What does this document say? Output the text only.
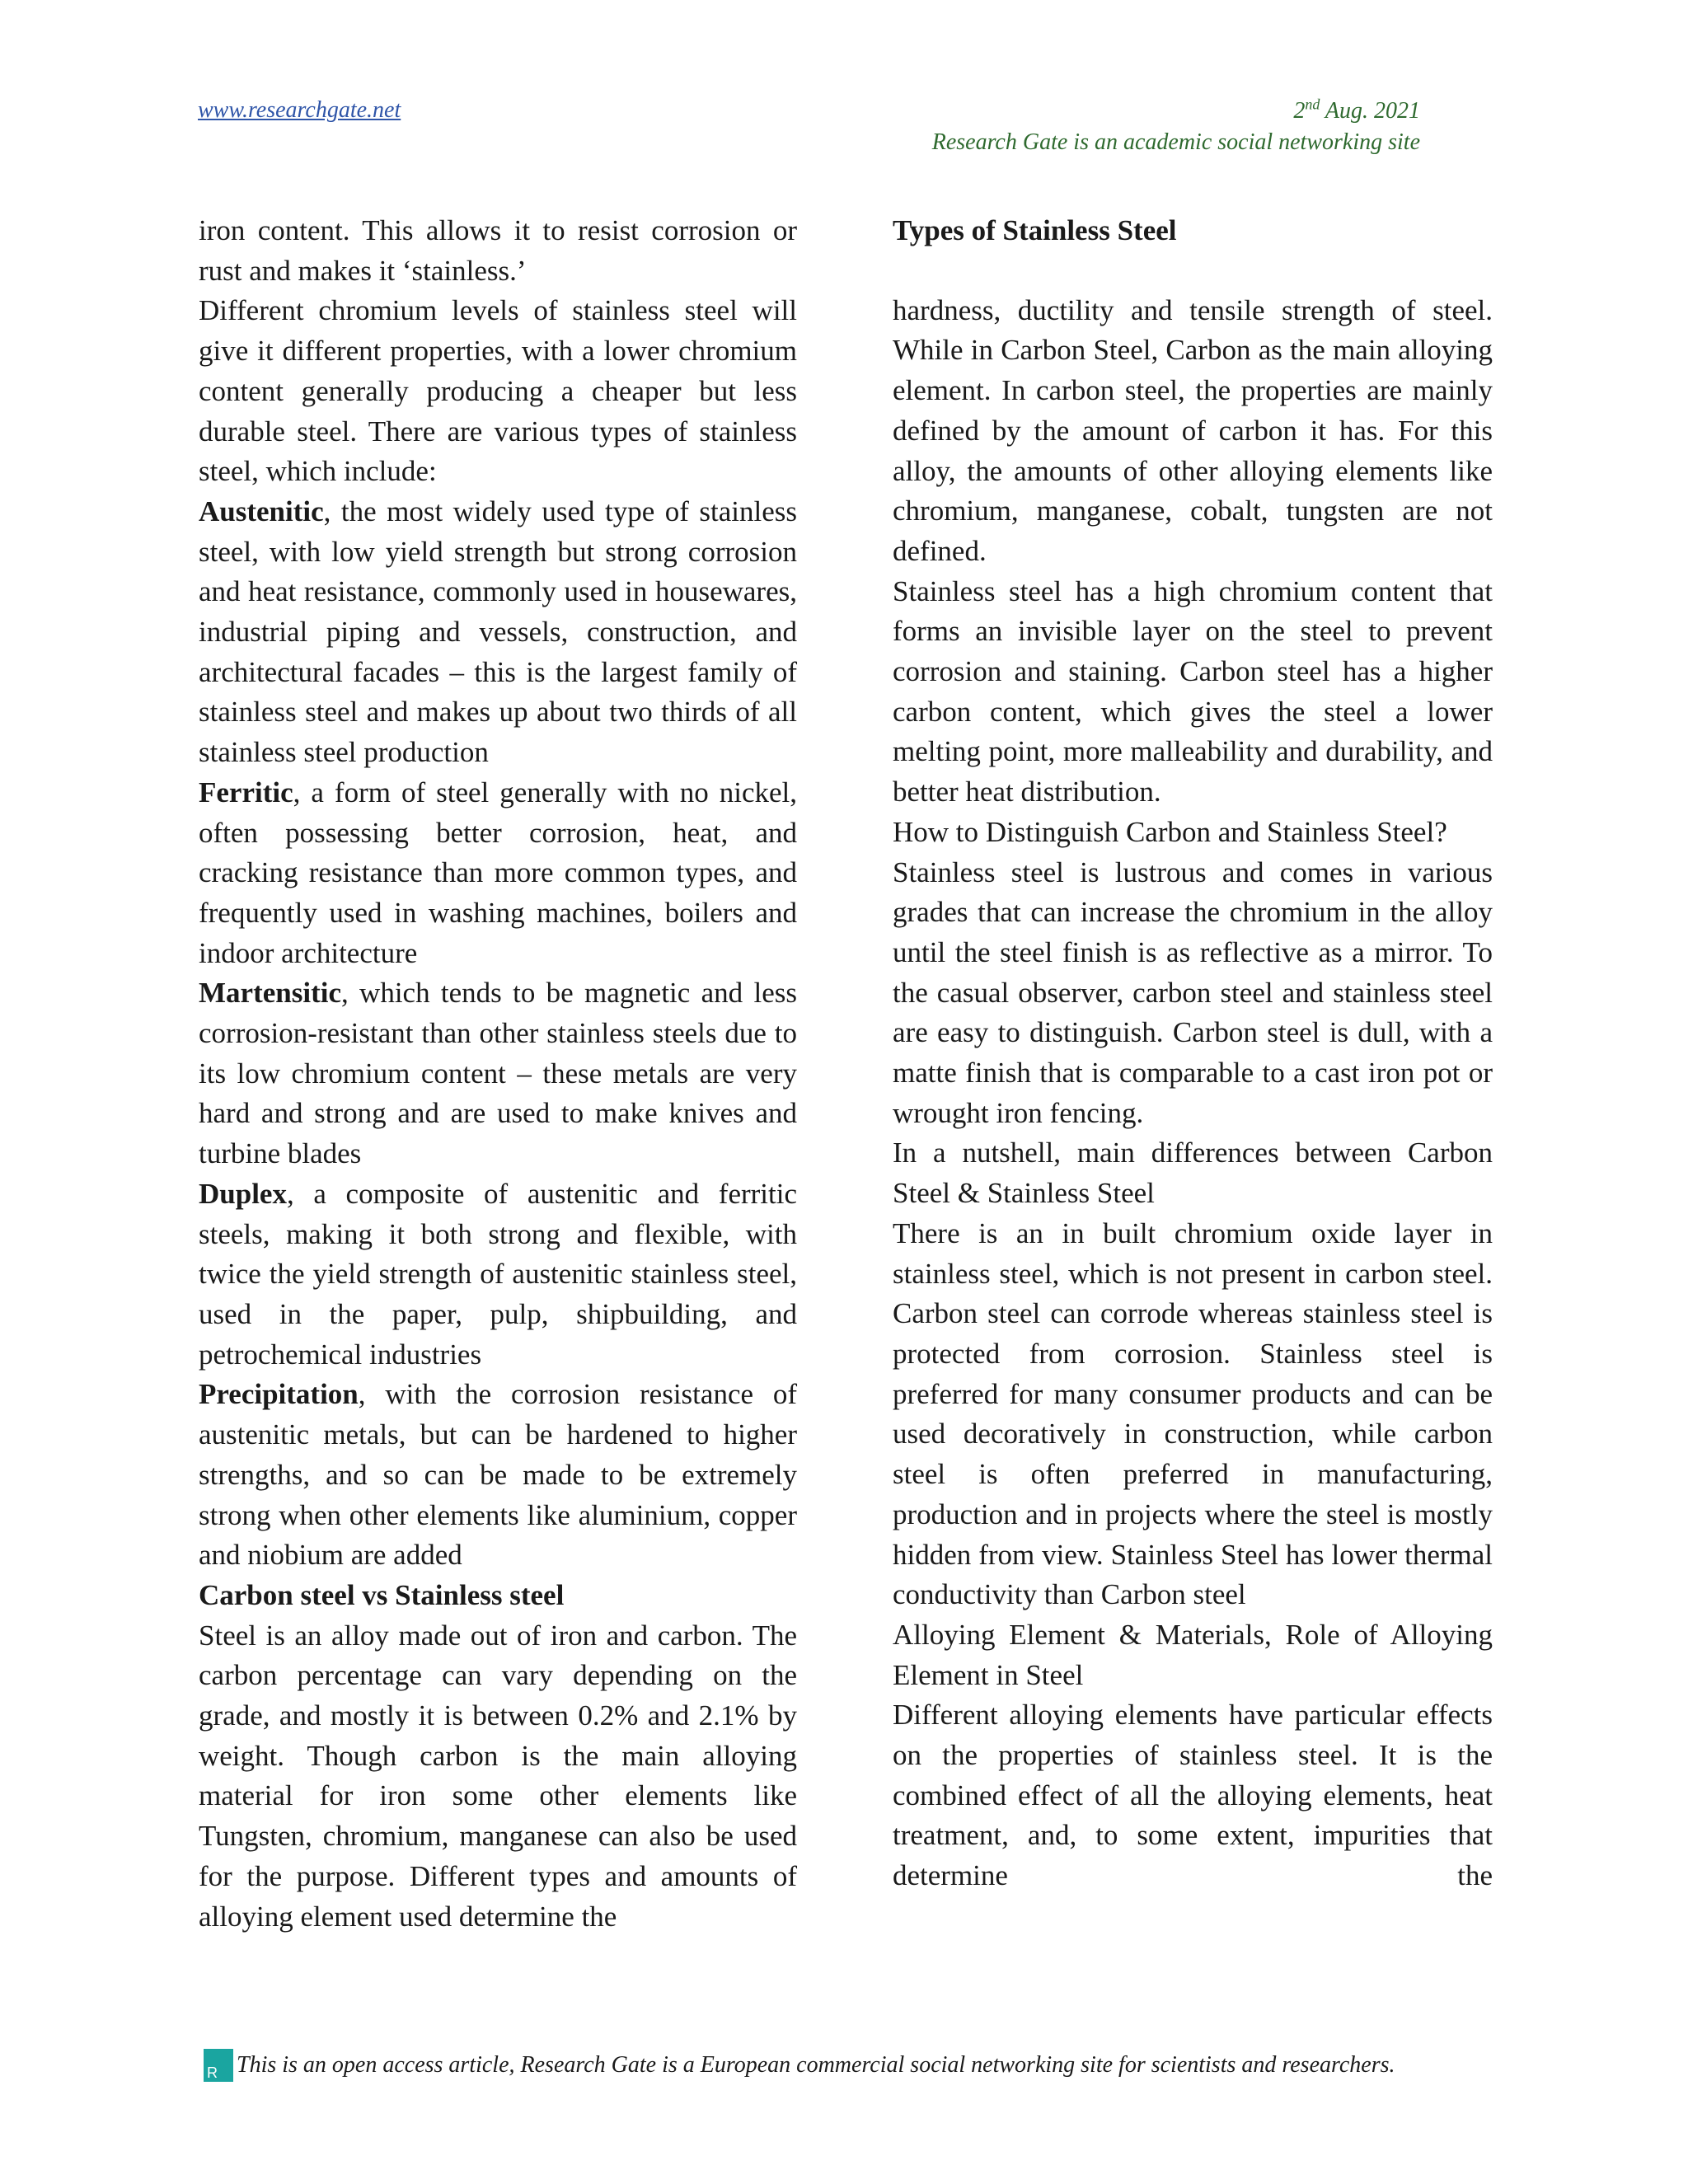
www.researchgate.net	2nd Aug. 2021
Research Gate is an academic social networking site

iron content. This allows it to resist corrosion or rust and makes it ‘stainless.’

Different chromium levels of stainless steel will give it different properties, with a lower chromium content generally producing a cheaper but less durable steel. There are various types of stainless steel, which include:

Austenitic, the most widely used type of stainless steel, with low yield strength but strong corrosion and heat resistance, commonly used in housewares, industrial piping and vessels, construction, and architectural facades – this is the largest family of stainless steel and makes up about two thirds of all stainless steel production

Ferritic, a form of steel generally with no nickel, often possessing better corrosion, heat, and cracking resistance than more common types, and frequently used in washing machines, boilers and indoor architecture

Martensitic, which tends to be magnetic and less corrosion-resistant than other stainless steels due to its low chromium content – these metals are very hard and strong and are used to make knives and turbine blades

Duplex, a composite of austenitic and ferritic steels, making it both strong and flexible, with twice the yield strength of austenitic stainless steel, used in the paper, pulp, shipbuilding, and petrochemical industries

Precipitation, with the corrosion resistance of austenitic metals, but can be hardened to higher strengths, and so can be made to be extremely strong when other elements like aluminium, copper and niobium are added

Carbon steel vs Stainless steel

Steel is an alloy made out of iron and carbon. The carbon percentage can vary depending on the grade, and mostly it is between 0.2% and 2.1% by weight. Though carbon is the main alloying material for iron some other elements like Tungsten, chromium, manganese can also be used for the purpose. Different types and amounts of alloying element used determine the

Types of Stainless Steel

hardness, ductility and tensile strength of steel. While in Carbon Steel, Carbon as the main alloying element. In carbon steel, the properties are mainly defined by the amount of carbon it has. For this alloy, the amounts of other alloying elements like chromium, manganese, cobalt, tungsten are not defined.

Stainless steel has a high chromium content that forms an invisible layer on the steel to prevent corrosion and staining. Carbon steel has a higher carbon content, which gives the steel a lower melting point, more malleability and durability, and better heat distribution.

How to Distinguish Carbon and Stainless Steel?

Stainless steel is lustrous and comes in various grades that can increase the chromium in the alloy until the steel finish is as reflective as a mirror. To the casual observer, carbon steel and stainless steel are easy to distinguish. Carbon steel is dull, with a matte finish that is comparable to a cast iron pot or wrought iron fencing.

In a nutshell, main differences between Carbon Steel & Stainless Steel

There is an in built chromium oxide layer in stainless steel, which is not present in carbon steel. Carbon steel can corrode whereas stainless steel is protected from corrosion. Stainless steel is preferred for many consumer products and can be used decoratively in construction, while carbon steel is often preferred in manufacturing, production and in projects where the steel is mostly hidden from view. Stainless Steel has lower thermal conductivity than Carbon steel

Alloying Element & Materials, Role of Alloying Element in Steel

Different alloying elements have particular effects on the properties of stainless steel. It is the combined effect of all the alloying elements, heat treatment, and, to some extent, impurities that determine the

R This is an open access article, Research Gate is a European commercial social networking site for scientists and researchers.
